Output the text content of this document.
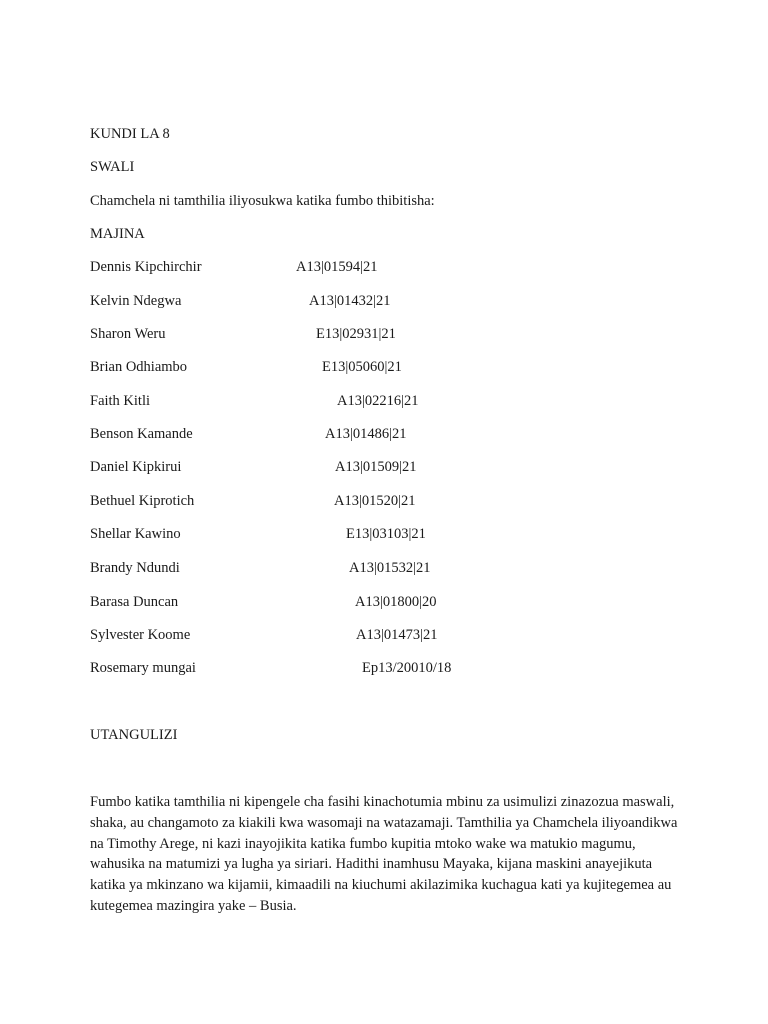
KUNDI LA 8
SWALI
Chamchela ni tamthilia iliyosukwa katika fumbo thibitisha:
MAJINA
Dennis Kipchirchir	A13|01594|21
Kelvin Ndegwa	A13|01432|21
Sharon Weru	E13|02931|21
Brian Odhiambo	E13|05060|21
Faith Kitli	A13|02216|21
Benson Kamande	A13|01486|21
Daniel Kipkirui	A13|01509|21
Bethuel Kiprotich	A13|01520|21
Shellar Kawino	E13|03103|21
Brandy Ndundi	A13|01532|21
Barasa Duncan	A13|01800|20
Sylvester Koome	A13|01473|21
Rosemary mungai	Ep13/20010/18
UTANGULIZI

Fumbo katika tamthilia ni kipengele cha fasihi kinachotumia mbinu za usimulizi zinazozua maswali, shaka, au changamoto za kiakili kwa wasomaji na watazamaji. Tamthilia ya Chamchela iliyoandikwa na Timothy Arege, ni kazi inayojikita katika fumbo kupitia mtoko wake wa matukio magumu, wahusika na matumizi ya lugha ya siriari. Hadithi inamhusu Mayaka, kijana maskini anayejikuta katika ya mkinzano wa kijamii, kimaadili na kiuchumi akilazimika kuchagua kati ya kujitegemea au kutegemea mazingira yake – Busia.
